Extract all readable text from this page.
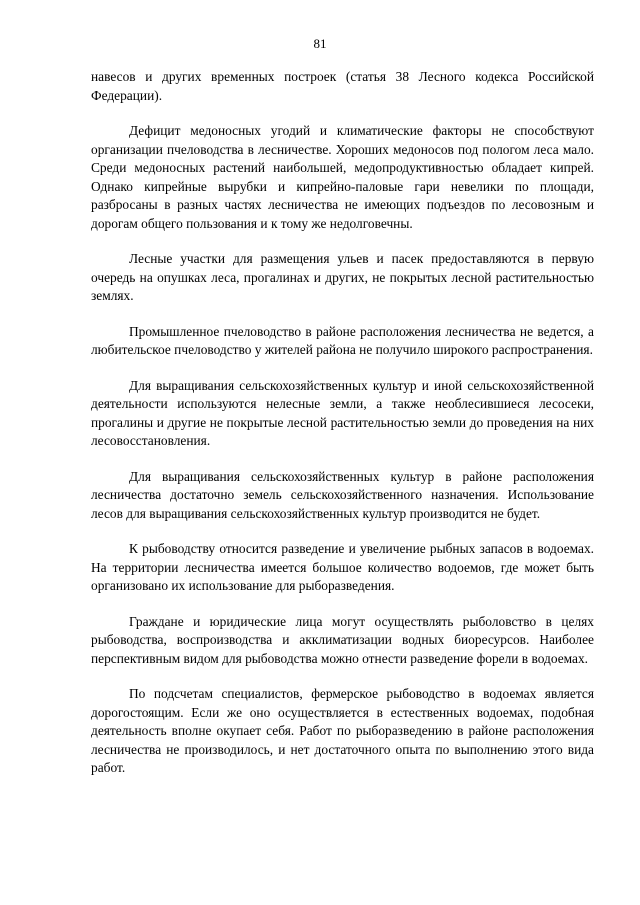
81

навесов и других временных построек (статья 38 Лесного кодекса Российской Федерации).

Дефицит медоносных угодий и климатические факторы не способствуют организации пчеловодства в лесничестве. Хороших медоносов под пологом леса мало. Среди медоносных растений наибольшей, медопродуктивностью обладает кипрей. Однако кипрейные вырубки и кипрейно-паловые гари невелики по площади, разбросаны в разных частях лесничества не имеющих подъездов по лесовозным и дорогам общего пользования и к тому же недолговечны.

Лесные участки для размещения ульев и пасек предоставляются в первую очередь на опушках леса, прогалинах и других, не покрытых лесной растительностью землях.

Промышленное пчеловодство в районе расположения лесничества не ведется, а любительское пчеловодство у жителей района не получило широкого распространения.

Для выращивания сельскохозяйственных культур и иной сельскохозяйственной деятельности используются нелесные земли, а также необлесившиеся лесосеки, прогалины и другие не покрытые лесной растительностью земли до проведения на них лесовосстановления.

Для выращивания сельскохозяйственных культур в районе расположения лесничества достаточно земель сельскохозяйственного назначения. Использование лесов для выращивания сельскохозяйственных культур производится не будет.

К рыбоводству относится разведение и увеличение рыбных запасов в водоемах. На территории лесничества имеется большое количество водоемов, где может быть организовано их использование для рыборазведения.

Граждане и юридические лица могут осуществлять рыболовство в целях рыбоводства, воспроизводства и акклиматизации водных биоресурсов. Наиболее перспективным видом для рыбоводства можно отнести разведение форели в водоемах.

По подсчетам специалистов, фермерское рыбоводство в водоемах является дорогостоящим. Если же оно осуществляется в естественных водоемах, подобная деятельность вполне окупает себя. Работ по рыборазведению в районе расположения лесничества не производилось, и нет достаточного опыта по выполнению этого вида работ.
